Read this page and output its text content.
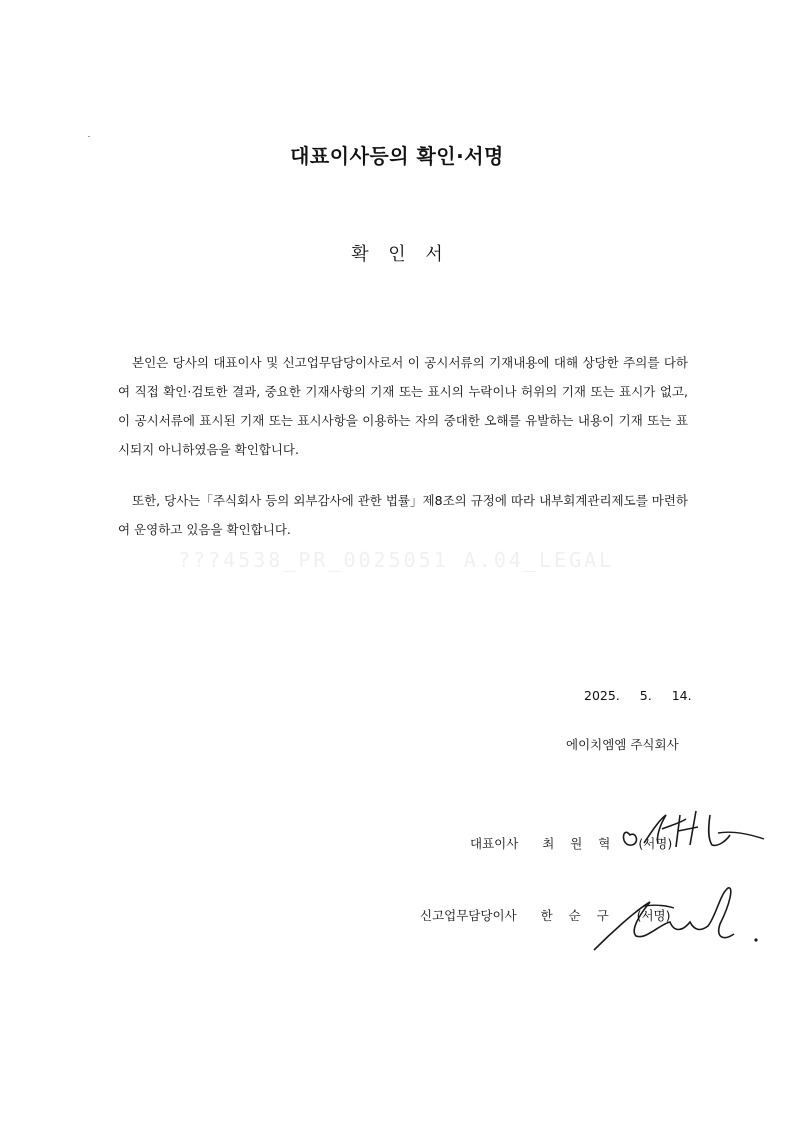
대표이사등의 확인·서명
확 인 서
본인은 당사의 대표이사 및 신고업무담당이사로서 이 공시서류의 기재내용에 대해 상당한 주의를 다하여 직접 확인·검토한 결과, 중요한 기재사항의 기재 또는 표시의 누락이나 허위의 기재 또는 표시가 없고, 이 공시서류에 표시된 기재 또는 표시사항을 이용하는 자의 중대한 오해를 유발하는 내용이 기재 또는 표시되지 아니하였음을 확인합니다.
또한, 당사는「주식회사 등의 외부감사에 관한 법률」제8조의 규정에 따라 내부회계관리제도를 마련하여 운영하고 있음을 확인합니다.
???4538_PR_0025051 A.04_LEGAL
2025. 5. 14.
에이치엠엠 주식회사
대표이사	최	원	혁	(서명)
신고업무담당이사	한	순	구	(서명)
